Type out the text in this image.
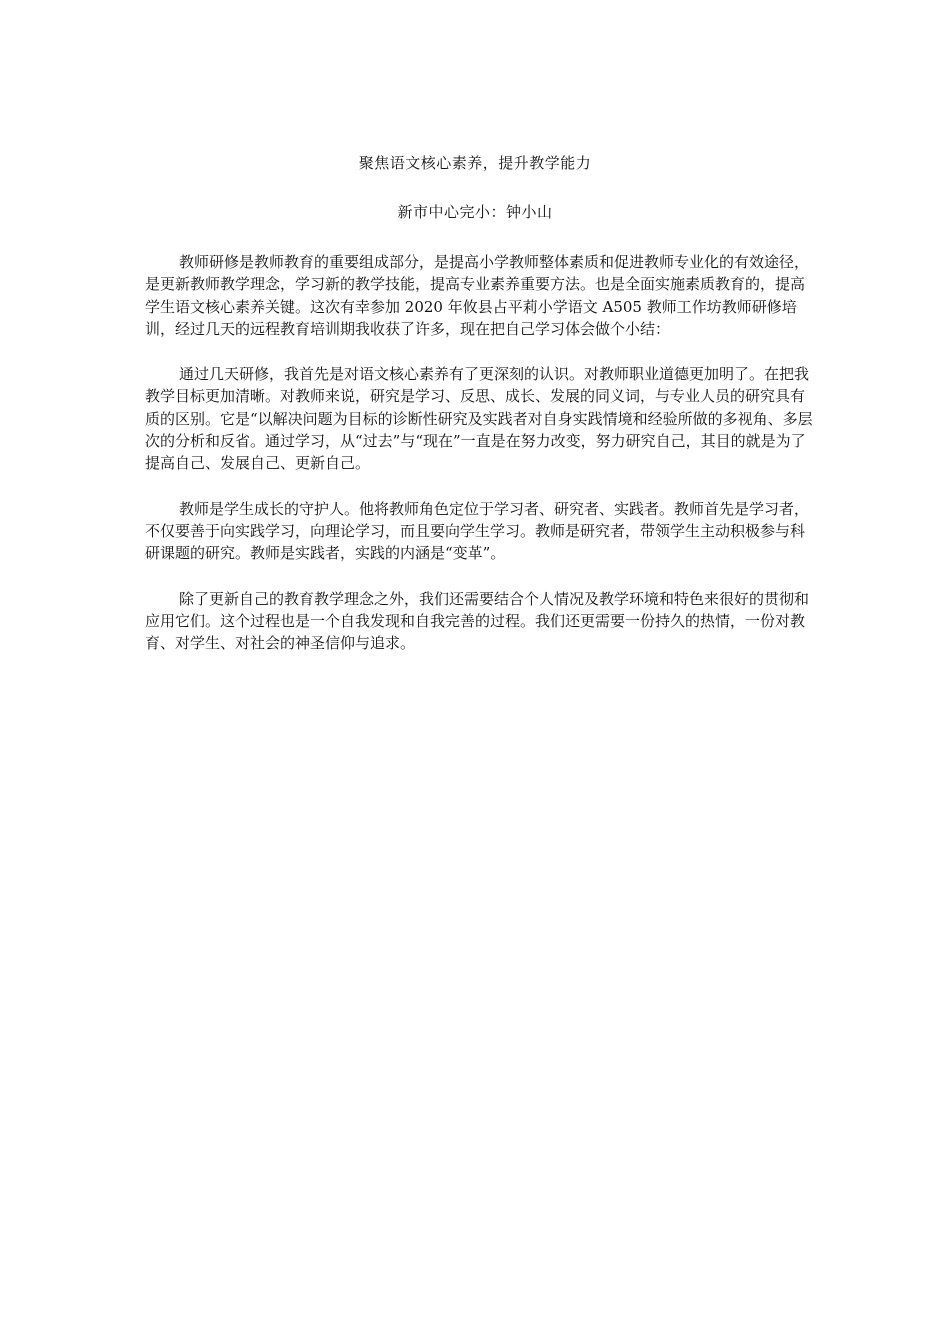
聚焦语文核心素养，提升教学能力
新市中心完小：钟小山

教师研修是教师教育的重要组成部分，是提高小学教师整体素质和促进教师专业化的有效途径，是更新教师教学理念，学习新的教学技能，提高专业素养重要方法。也是全面实施素质教育的，提高学生语文核心素养关键。这次有幸参加 2020 年攸县占平莉小学语文 A505 教师工作坊教师研修培训，经过几天的远程教育培训期我收获了许多，现在把自己学习体会做个小结：

通过几天研修，我首先是对语文核心素养有了更深刻的认识。对教师职业道德更加明了。在把我教学目标更加清晰。对教师来说，研究是学习、反思、成长、发展的同义词，与专业人员的研究具有质的区别。它是“以解决问题为目标的诊断性研究及实践者对自身实践情境和经验所做的多视角、多层次的分析和反省。通过学习，从“过去”与“现在”一直是在努力改变，努力研究自己，其目的就是为了提高自己、发展自己、更新自己。

教师是学生成长的守护人。他将教师角色定位于学习者、研究者、实践者。教师首先是学习者，不仅要善于向实践学习，向理论学习，而且要向学生学习。教师是研究者，带领学生主动积极参与科研课题的研究。教师是实践者，实践的内涵是“变革”。

除了更新自己的教育教学理念之外，我们还需要结合个人情况及教学环境和特色来很好的贯彻和应用它们。这个过程也是一个自我发现和自我完善的过程。我们还更需要一份持久的热情，一份对教育、对学生、对社会的神圣信仰与追求。
